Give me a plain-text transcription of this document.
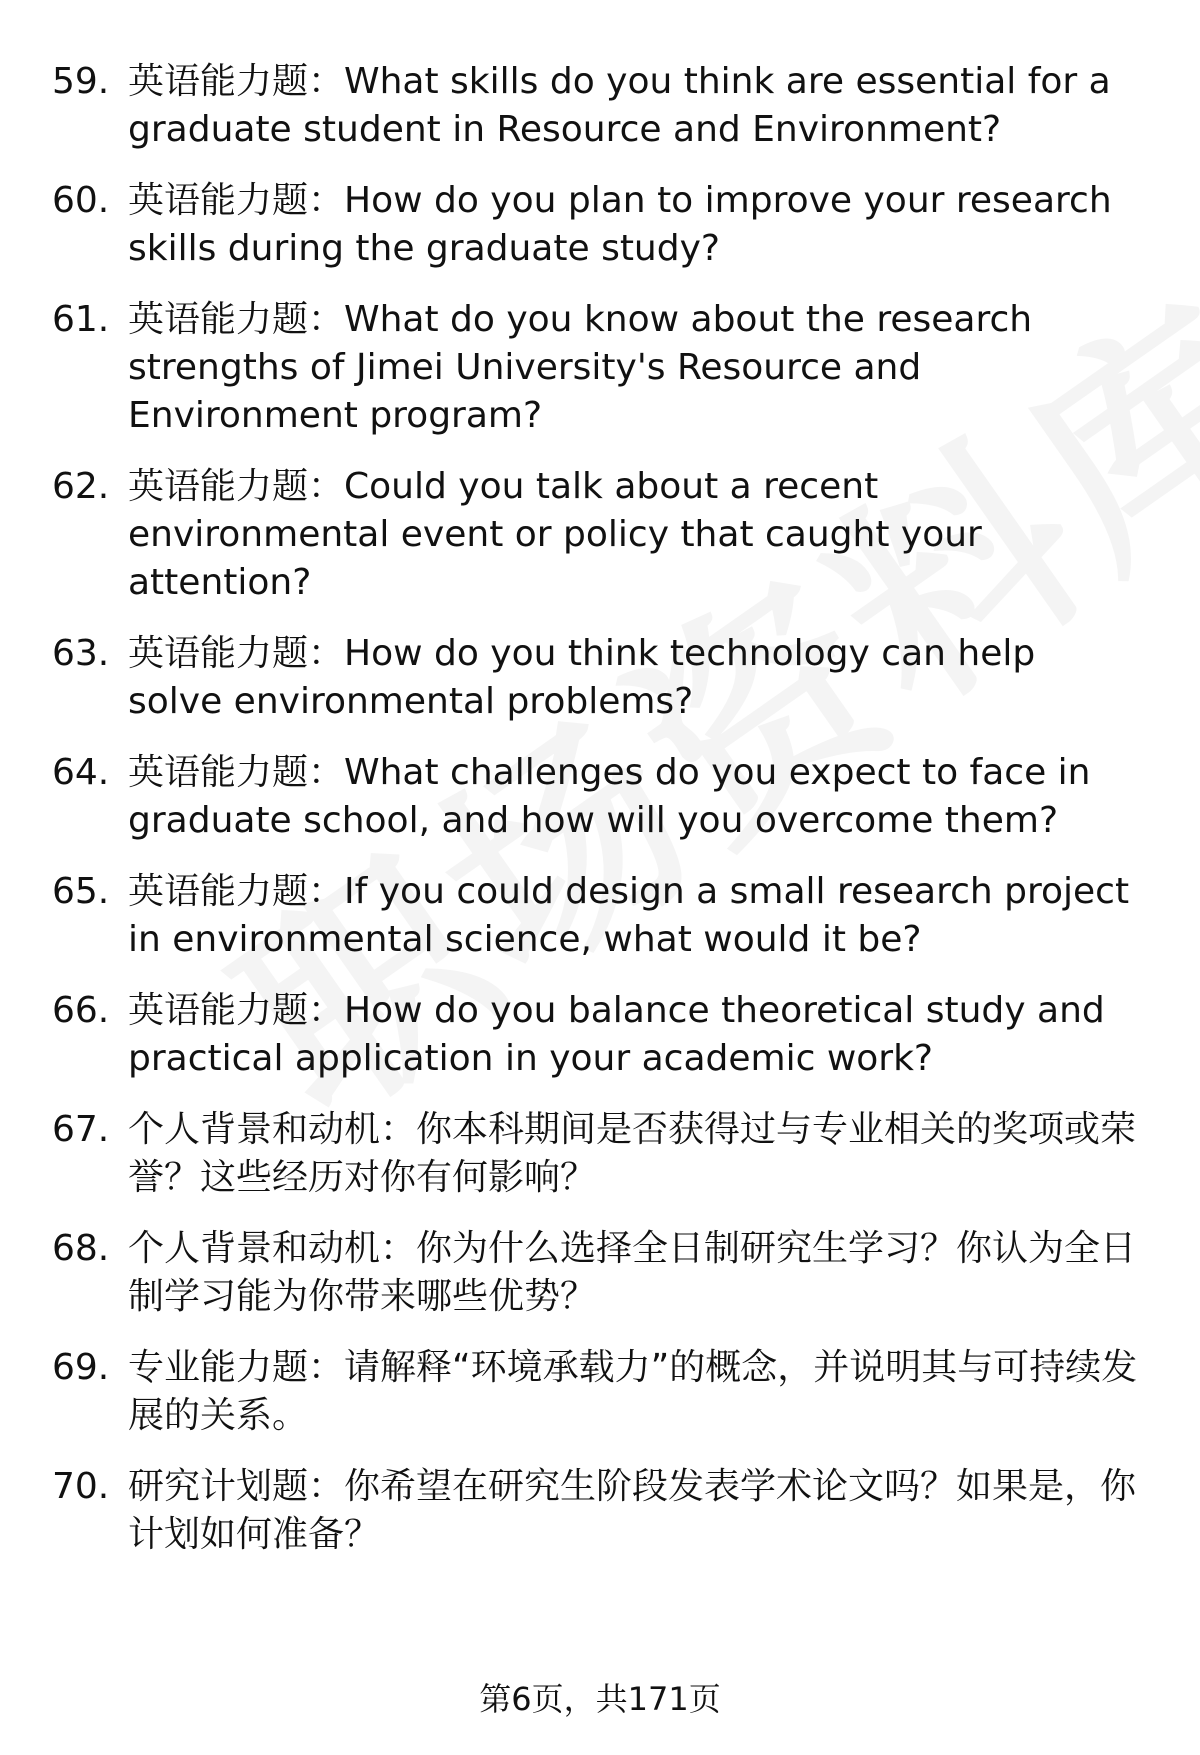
59. 英语能力题：What skills do you think are essential for a graduate student in Resource and Environment?
60. 英语能力题：How do you plan to improve your research skills during the graduate study?
61. 英语能力题：What do you know about the research strengths of Jimei University's Resource and Environment program?
62. 英语能力题：Could you talk about a recent environmental event or policy that caught your attention?
63. 英语能力题：How do you think technology can help solve environmental problems?
64. 英语能力题：What challenges do you expect to face in graduate school, and how will you overcome them?
65. 英语能力题：If you could design a small research project in environmental science, what would it be?
66. 英语能力题：How do you balance theoretical study and practical application in your academic work?
67. 个人背景和动机：你本科期间是否获得过与专业相关的奖项或荣誉？这些经历对你有何影响？
68. 个人背景和动机：你为什么选择全日制研究生学习？你认为全日制学习能为你带来哪些优势？
69. 专业能力题：请解释“环境承载力”的概念，并说明其与可持续发展的关系。
70. 研究计划题：你希望在研究生阶段发表学术论文吗？如果是，你计划如何准备？
第6页，共171页
